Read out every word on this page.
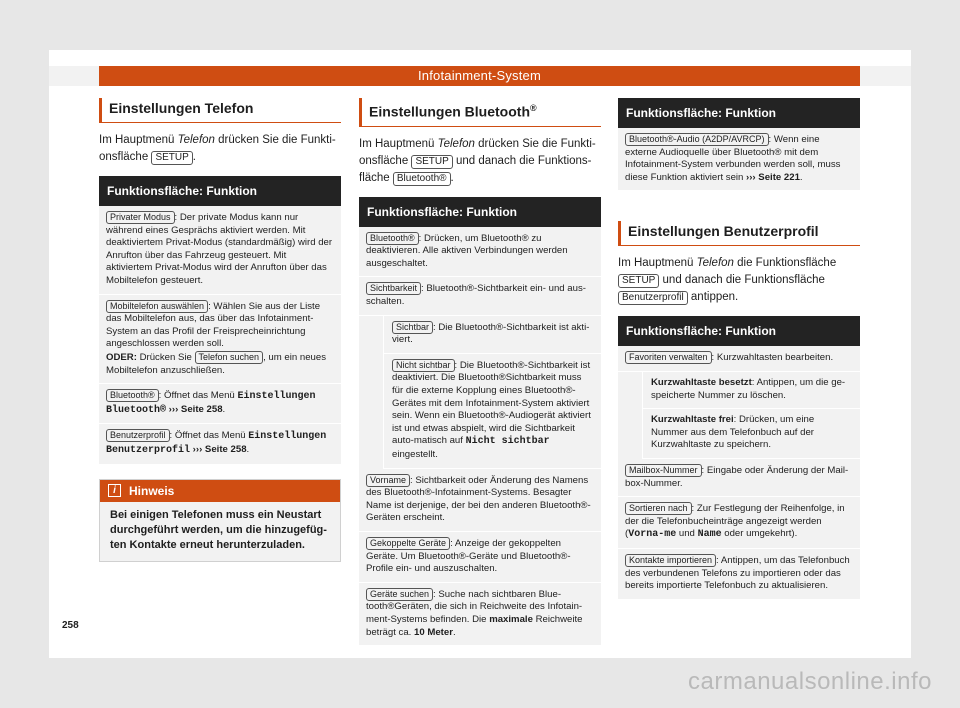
Infotainment-System
Einstellungen Telefon

Im Hauptmenü Telefon drücken Sie die Funkti-onsfläche SETUP .

Funktionsfläche: Funktion
Privater Modus : Der private Modus kann nur während eines Gesprächs aktiviert werden. Mit deaktiviertem Privat-Modus (standardmäßig) wird der Anrufton über das Fahrzeug gesteuert. Mit aktiviertem Privat-Modus wird der Anrufton über das Mobiltelefon gesteuert.
Mobiltelefon auswählen : Wählen Sie aus der Liste das Mobiltelefon aus, das über das Infotainment-System an das Profil der Freisprecheinrichtung angeschlossen werden soll.
ODER: Drücken Sie Telefon suchen , um ein neues Mobiltelefon anzuschließen.
Bluetooth® : Öffnet das Menü Einstellungen Bluetooth® ››› Seite 258.
Benutzerprofil : Öffnet das Menü Einstellungen Benutzerprofil ››› Seite 258.
i	Hinweis
Bei einigen Telefonen muss ein Neustart durchgeführt werden, um die hinzugefüg-ten Kontakte erneut herunterzuladen.
Einstellungen Bluetooth®

Im Hauptmenü Telefon drücken Sie die Funkti-onsfläche SETUP und danach die Funktions-fläche Bluetooth® .

Funktionsfläche: Funktion
Bluetooth® : Drücken, um Bluetooth® zu deaktivieren. Alle aktiven Verbindungen werden ausgeschaltet.
Sichtbarkeit : Bluetooth®-Sichtbarkeit ein- und aus-schalten.
Sichtbar : Die Bluetooth®-Sichtbarkeit ist akti-viert.
Nicht sichtbar : Die Bluetooth®-Sichtbarkeit ist deaktiviert. Die Bluetooth®Sichtbarkeit muss für die externe Kopplung eines Bluetooth®-Gerätes mit dem Infotainment-System aktiviert sein. Wenn ein Bluetooth®-Audiogerät aktiviert ist und etwas abspielt, wird die Sichtbarkeit auto-matisch auf Nicht sichtbar eingestellt.
Vorname : Sichtbarkeit oder Änderung des Namens des Bluetooth®-Infotainment-Systems. Besagter Name ist derjenige, der bei den anderen Bluetooth®-Geräten erscheint.
Gekoppelte Geräte : Anzeige der gekoppelten Geräte. Um Bluetooth®-Geräte und Bluetooth®-Profile ein- und auszuschalten.
Geräte suchen : Suche nach sichtbaren Blue-tooth®Geräten, die sich in Reichweite des Infotain-ment-Systems befinden. Die maximale Reichweite beträgt ca. 10 Meter.
Funktionsfläche: Funktion
Bluetooth®-Audio (A2DP/AVRCP) : Wenn eine externe Audioquelle über Bluetooth® mit dem Infotainment-System verbunden werden soll, muss diese Funktion aktiviert sein ››› Seite 221.
Einstellungen Benutzerprofil

Im Hauptmenü Telefon die Funktionsfläche SETUP und danach die Funktionsfläche Benutzerprofil antippen.

Funktionsfläche: Funktion
Favoriten verwalten : Kurzwahltasten bearbeiten.
Kurzwahltaste besetzt: Antippen, um die ge-speicherte Nummer zu löschen.
Kurzwahltaste frei: Drücken, um eine Nummer aus dem Telefonbuch auf der Kurzwahltaste zu speichern.
Mailbox-Nummer : Eingabe oder Änderung der Mail-box-Nummer.
Sortieren nach : Zur Festlegung der Reihenfolge, in der die Telefonbucheinträge angezeigt werden (Vorna-me und Name oder umgekehrt).
Kontakte importieren : Antippen, um das Telefonbuch des verbundenen Telefons zu importieren oder das bereits importierte Telefonbuch zu aktualisieren.
258
carmanualsonline.info
